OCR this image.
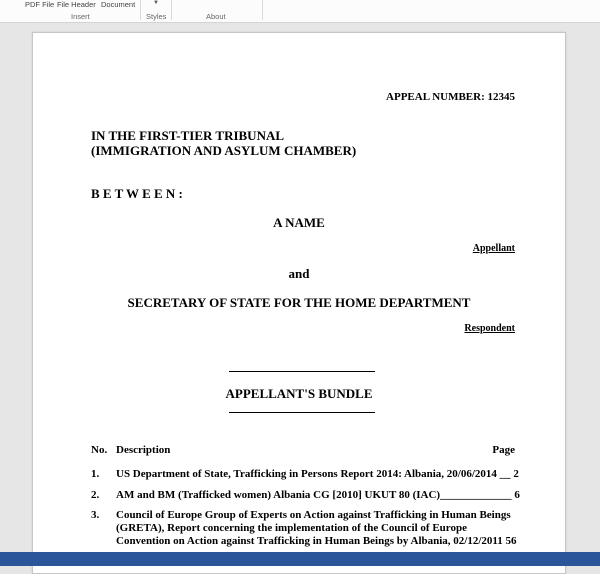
PDF File File Header Document	▼
Insert	Styles	About
APPEAL NUMBER: 12345
IN THE FIRST-TIER TRIBUNAL
(IMMIGRATION AND ASYLUM CHAMBER)
B E T W E E N :
A NAME
Appellant
and
SECRETARY OF STATE FOR THE HOME DEPARTMENT
Respondent
APPELLANT'S BUNDLE
No. Description	Page
1. US Department of State, Trafficking in Persons Report 2014: Albania, 20/06/2014 __ 2
2. AM and BM (Trafficked women) Albania CG [2010] UKUT 80 (IAC)_____________ 6
3. Council of Europe Group of Experts on Action against Trafficking in Human Beings
(GRETA), Report concerning the implementation of the Council of Europe
Convention on Action against Trafficking in Human Beings by Albania, 02/12/2011 56
